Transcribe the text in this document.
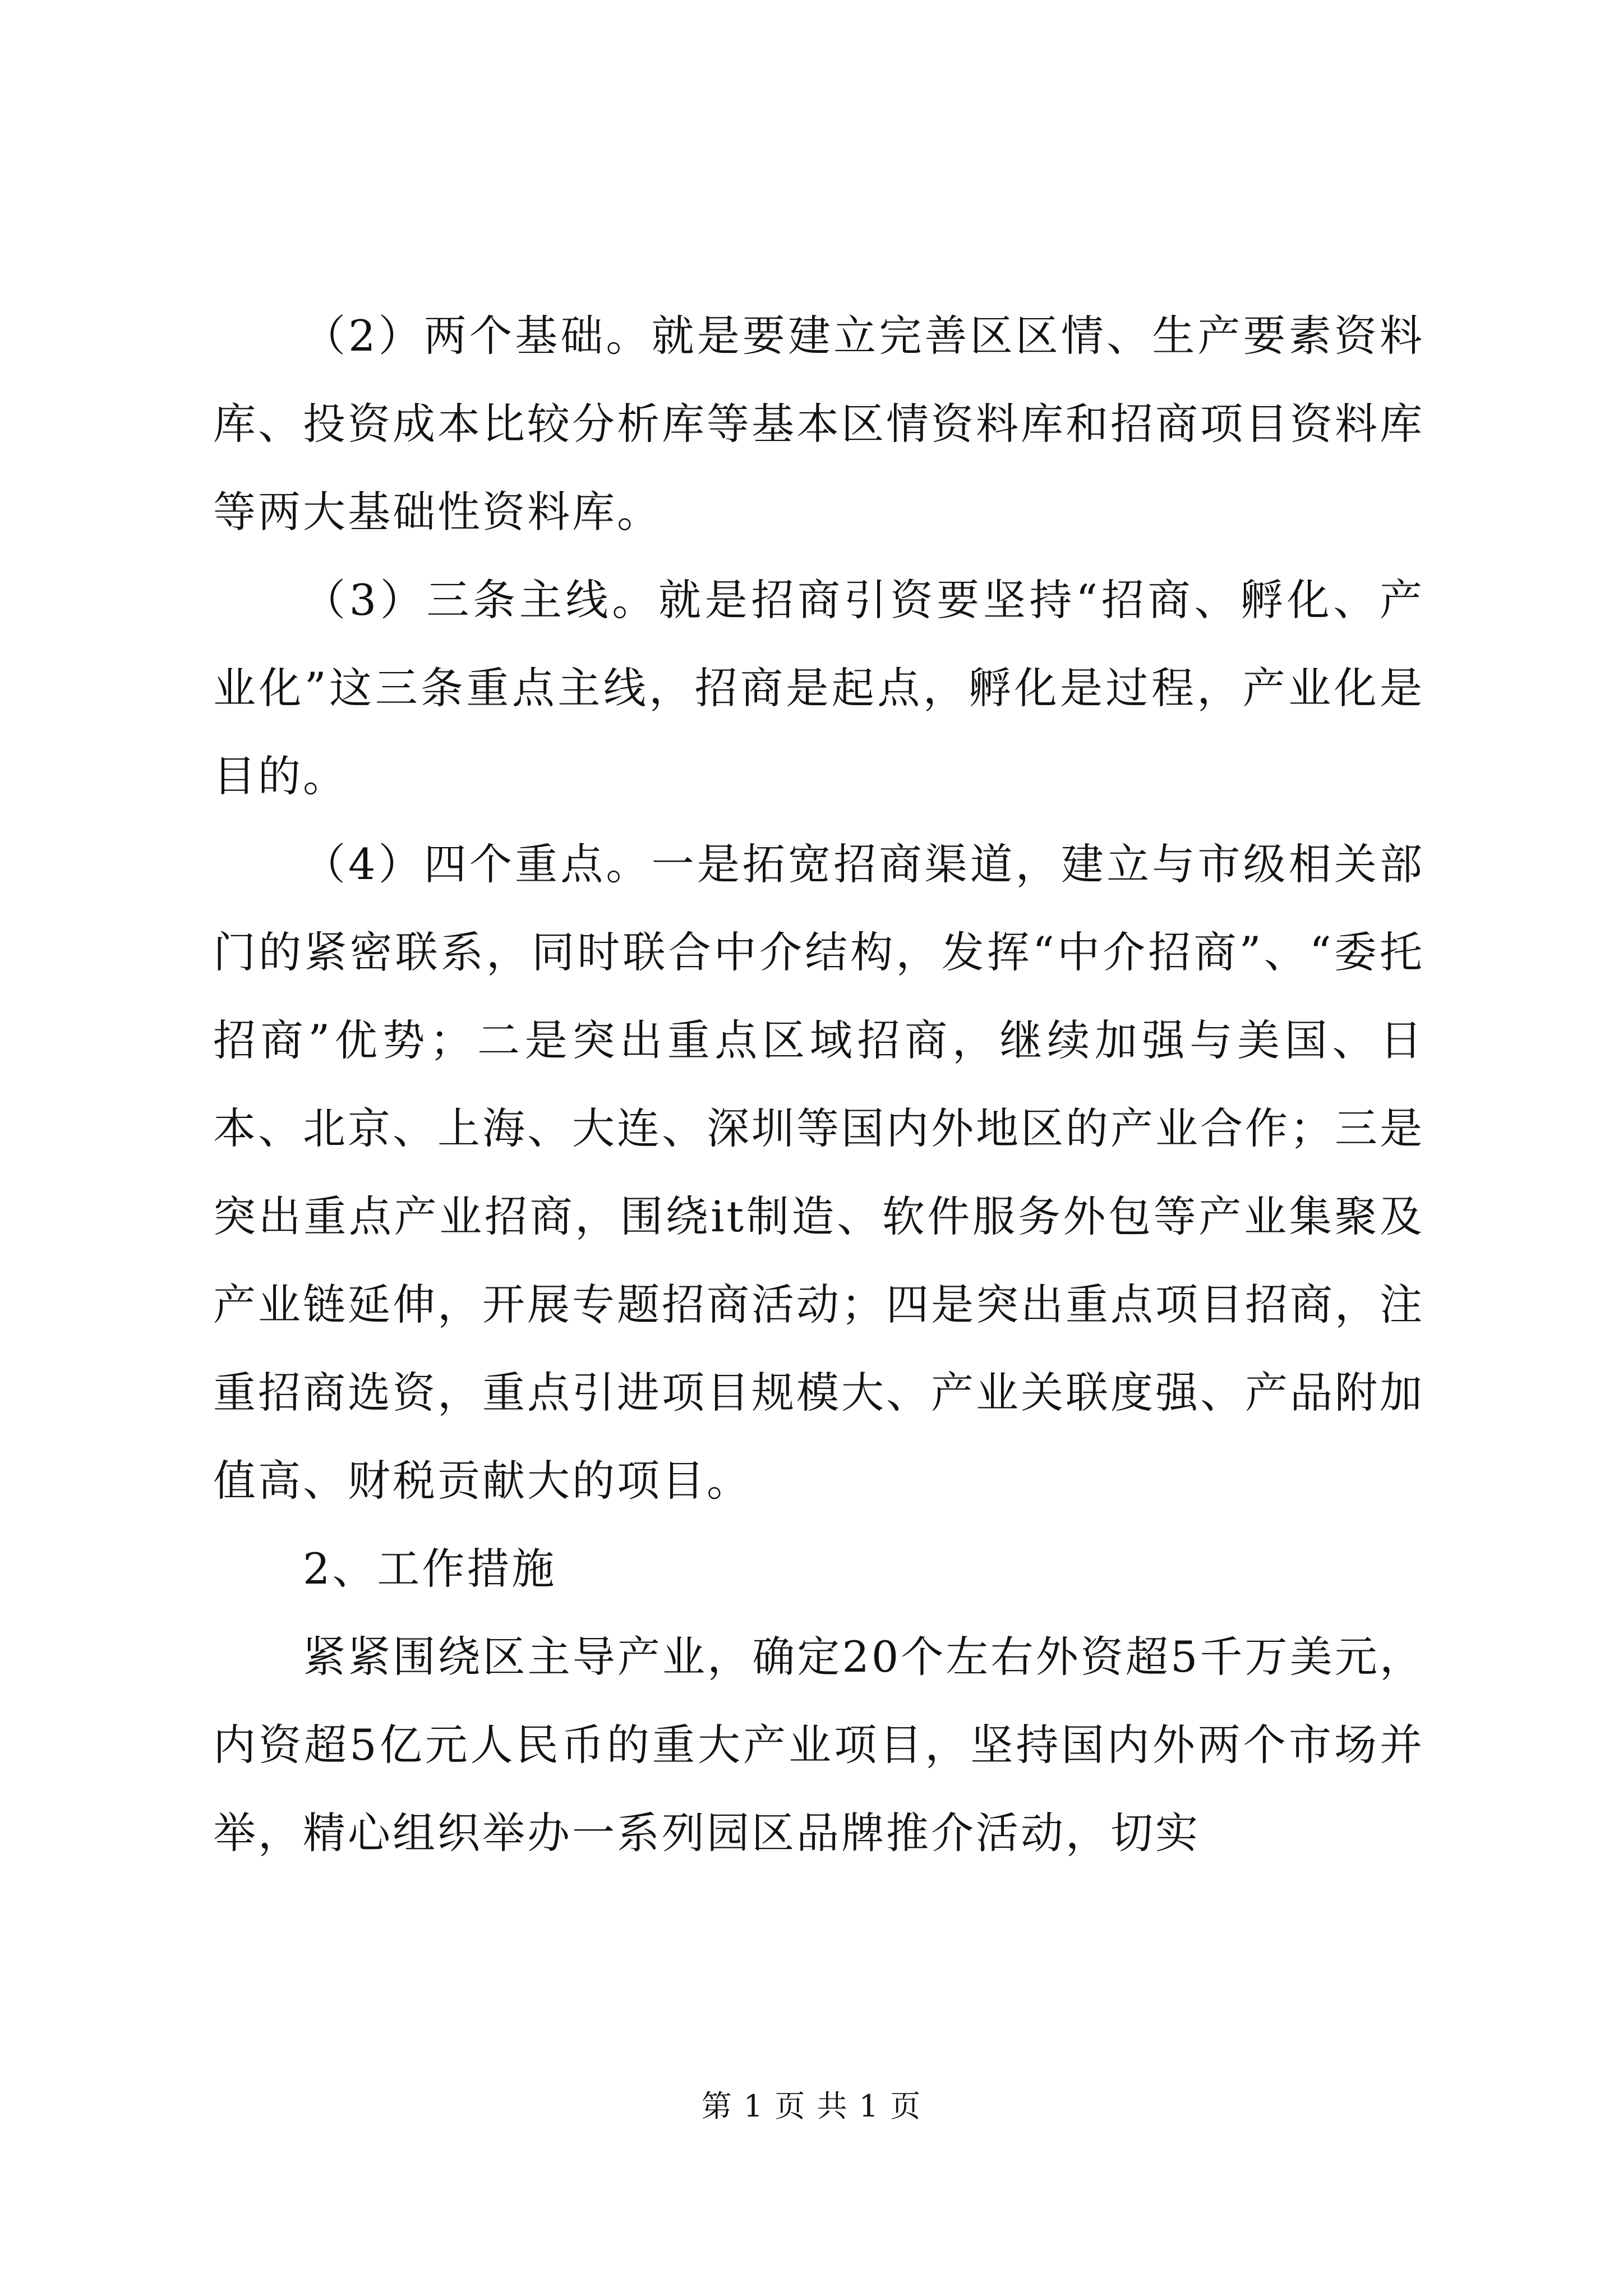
（2）两个基础。就是要建立完善区区情、生产要素资料库、投资成本比较分析库等基本区情资料库和招商项目资料库等两大基础性资料库。

（3）三条主线。就是招商引资要坚持“招商、孵化、产业化”这三条重点主线，招商是起点，孵化是过程，产业化是目的。

（4）四个重点。一是拓宽招商渠道，建立与市级相关部门的紧密联系，同时联合中介结构，发挥“中介招商”、“委托招商”优势；二是突出重点区域招商，继续加强与美国、日本、北京、上海、大连、深圳等国内外地区的产业合作；三是突出重点产业招商，围绕it制造、软件服务外包等产业集聚及产业链延伸，开展专题招商活动；四是突出重点项目招商，注重招商选资，重点引进项目规模大、产业关联度强、产品附加值高、财税贡献大的项目。

2、工作措施

紧紧围绕区主导产业，确定20个左右外资超5千万美元，内资超5亿元人民币的重大产业项目，坚持国内外两个市场并举，精心组织举办一系列园区品牌推介活动，切实

第 1 页 共 1 页
